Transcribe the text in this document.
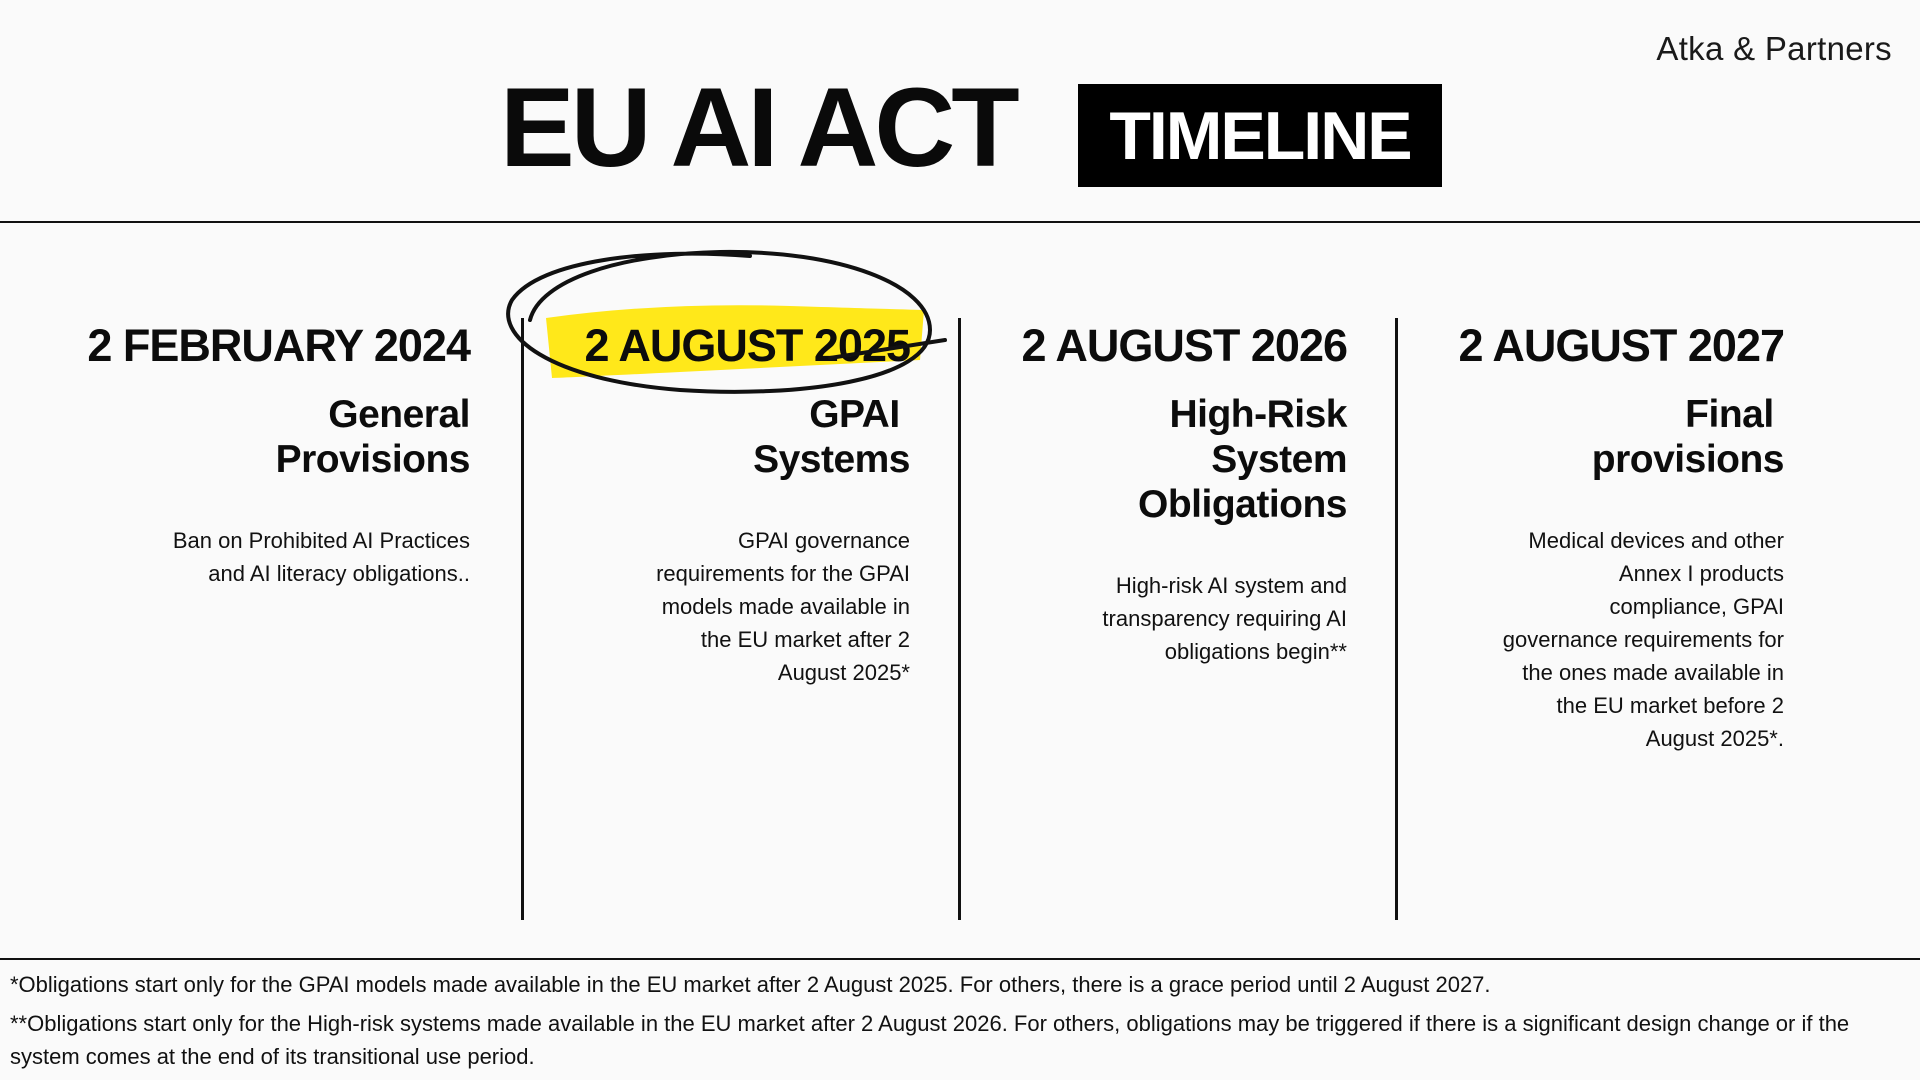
Atka & Partners
EU AI ACT	TIMELINE
2 FEBRUARY 2024
General
Provisions
Ban on Prohibited AI Practices
and AI literacy obligations..
2 AUGUST 2025
GPAI
Systems
GPAI governance
requirements for the GPAI
models made available in
the EU market after 2
August 2025*
2 AUGUST 2026
High-Risk
System
Obligations
High-risk AI system and
transparency requiring AI
obligations begin**
2 AUGUST 2027
Final
provisions
Medical devices and other
Annex I products
compliance, GPAI
governance requirements for
the ones made available in
the EU market before 2
August 2025*.

*Obligations start only for the GPAI models made available in the EU market after 2 August 2025. For others, there is a grace period until 2 August 2027.

**Obligations start only for the High-risk systems made available in the EU market after 2 August 2026. For others, obligations may be triggered if there is a significant design change or if the system comes at the end of its transitional use period.
